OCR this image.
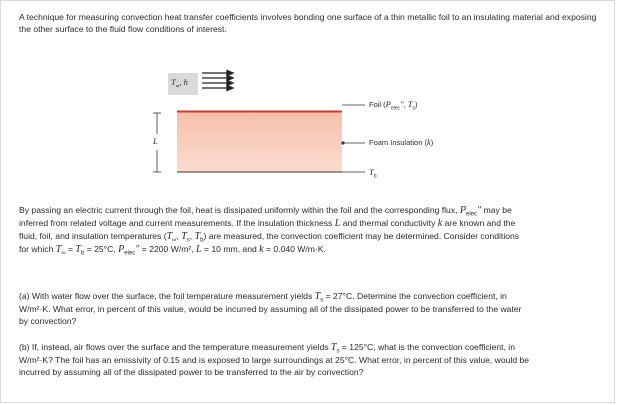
$T_\infty$, h
Foil ($P_{elec}''$, $T_s$)
Foam Insulation (k)
$T_b$
L

A technique for measuring convection heat transfer coefficients involves bonding one surface of a thin metallic foil to an insulating material and exposing the other surface to the fluid flow conditions of interest.

By passing an electric current through the foil, heat is dissipated uniformly within the foil and the corresponding flux, $P_{elec}''$ may be
inferred from related voltage and current measurements. If the insulation thickness L and thermal conductivity k are known and the
fluid, foil, and insulation temperatures ($T_\infty$, $T_s$, $T_b$) are measured, the convection coefficient may be determined. Consider conditions
for which $T_\infty = T_b = 25^\circ C$, $P_{elec}'' = 2200$ W/m², L = 10 mm, and k = 0.040 W/m·K.

(a) With water flow over the surface, the foil temperature measurement yields $T_s = 27^\circ C$. Determine the convection coefficient, in
W/m²·K. What error, in percent of this value, would be incurred by assuming all of the dissipated power to be transferred to the water
by convection?

(b) If, instead, air flows over the surface and the temperature measurement yields $T_s = 125^\circ C$, what is the convection coefficient, in
W/m²·K? The foil has an emissivity of 0.15 and is exposed to large surroundings at 25°C. What error, in percent of this value, would be
incurred by assuming all of the dissipated power to be transferred to the air by convection?
